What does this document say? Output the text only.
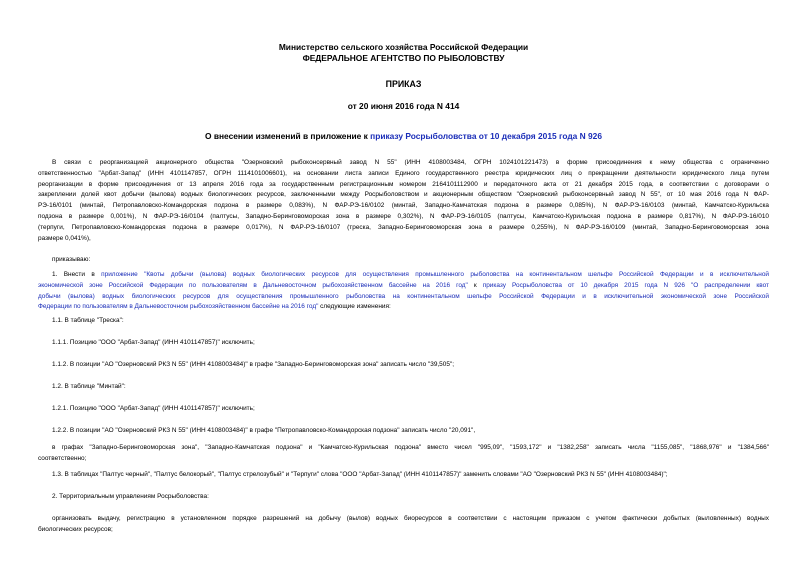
Министерство сельского хозяйства Российской Федерации
ФЕДЕРАЛЬНОЕ АГЕНТСТВО ПО РЫБОЛОВСТВУ
ПРИКАЗ
от 20 июня 2016 года N 414
О внесении изменений в приложение к приказу Росрыболовства от 10 декабря 2015 года N 926
В связи с реорганизацией акционерного общества "Озерновский рыбоконсервный завод N 55" (ИНН 4108003484, ОГРН 1024101221473) в форме присоединения к нему общества с ограниченно
ответственностью "Арбат-Запад" (ИНН 4101147857, ОГРН 1114101006601), на основании листа записи Единого государственного реестра юридических лиц о прекращении деятельности юридического лица путем
реорганизации в форме присоединения от 13 апреля 2016 года за государственным регистрационным номером 2164101112900 и передаточного акта от 21 декабря 2015 года, в соответствии с договорами о
закреплении долей квот добычи (вылова) водных биологических ресурсов, заключенными между Росрыболовством и акционерным обществом "Озерновский рыбоконсервный завод N 55", от 10 мая 2016 года N ФАР-
РЭ-16/0101 (минтай, Петропавловско-Командорская подзона в размере 0,083%), N ФАР-РЭ-16/0102 (минтай, Западно-Камчатская подзона в размере 0,085%), N ФАР-РЭ-16/0103 (минтай, Камчатско-Курильска
подзона в размере 0,001%), N ФАР-РЭ-16/0104 (палтусы, Западно-Беринговоморская зона в размере 0,302%), N ФАР-РЭ-16/0105 (палтусы, Камчатско-Курильская подзона в размере 0,817%), N ФАР-РЭ-16/010
(терпуги, Петропавловско-Командорская подзона в размере 0,017%), N ФАР-РЭ-16/0107 (треска, Западно-Беринговоморская зона в размере 0,255%), N ФАР-РЭ-16/0109 (минтай, Западно-Беринговоморская зона
размере 0,041%),
приказываю:
1. Внести в приложение "Квоты добычи (вылова) водных биологических ресурсов для осуществления промышленного рыболовства на континентальном шельфе Российской Федерации и в исключительной
экономической зоне Российской Федерации по пользователям в Дальневосточном рыбохозяйственном бассейне на 2016 год" к приказу Росрыболовства от 10 декабря 2015 года N 926 "О распределении квот
добычи (вылова) водных биологических ресурсов для осуществления промышленного рыболовства на континентальном шельфе Российской Федерации и в исключительной экономической зоне Российской
Федерации по пользователям в Дальневосточном рыбохозяйственном бассейне на 2016 год" следующие изменения:
1.1. В таблице "Треска":
1.1.1. Позицию "ООО "Арбат-Запад" (ИНН 4101147857)" исключить;
1.1.2. В позиции "АО "Озерновский РКЗ N 55" (ИНН 4108003484)" в графе "Западно-Беринговоморская зона" записать число "39,505";
1.2. В таблице "Минтай":
1.2.1. Позицию "ООО "Арбат-Запад" (ИНН 4101147857)" исключить;
1.2.2. В позиции "АО "Озерновский РКЗ N 55" (ИНН 4108003484)" в графе "Петропавловско-Командорская подзона" записать число "20,091",
в графах "Западно-Беринговоморская зона", "Западно-Камчатская подзона" и "Камчатско-Курильская подзона" вместо чисел "995,09", "1593,172" и "1382,258" записать числа "1155,085", "1868,976" и "1384,566"
соответственно;
1.3. В таблицах "Палтус черный", "Палтус белокорый", "Палтус стрелозубый" и "Терпуги" слова "ООО "Арбат-Запад" (ИНН 4101147857)" заменить словами "АО "Озерновский РКЗ N 55" (ИНН 4108003484)";
2. Территориальным управлениям Росрыболовства:
организовать выдачу, регистрацию в установленном порядке разрешений на добычу (вылов) водных биоресурсов в соответствии с настоящим приказом с учетом фактически добытых (выловленных) водных
биологических ресурсов;
